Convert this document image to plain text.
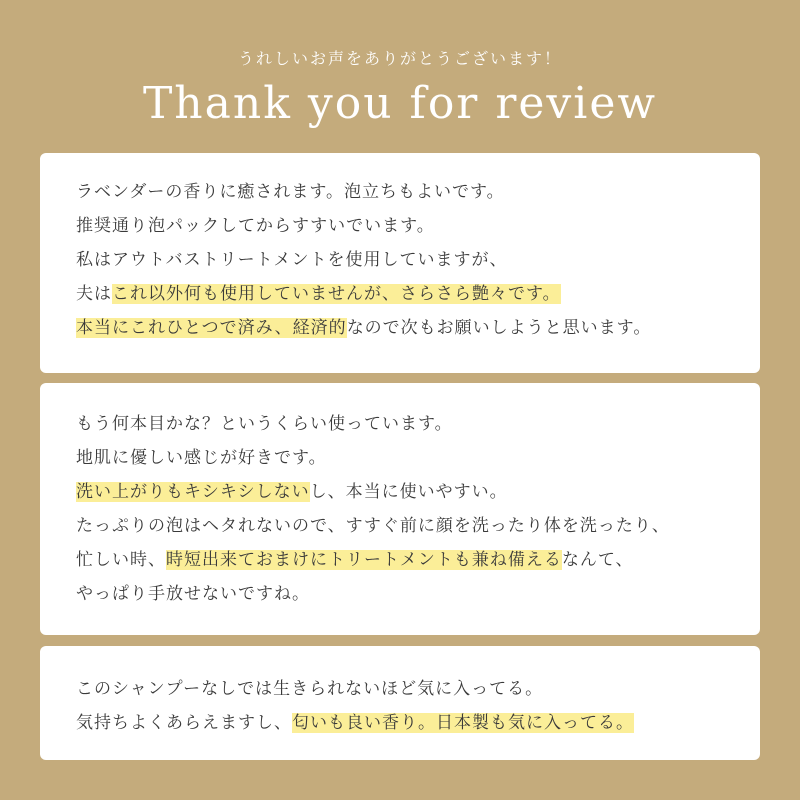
うれしいお声をありがとうございます！
Thank you for review
ラベンダーの香りに癒されます。泡立ちもよいです。
推奨通り泡パックしてからすすいでいます。
私はアウトバストリートメントを使用していますが、
夫はこれ以外何も使用していませんが、さらさら艶々です。
本当にこれひとつで済み、経済的なので次もお願いしようと思います。
もう何本目かな？というくらい使っています。
地肌に優しい感じが好きです。
洗い上がりもキシキシしないし、本当に使いやすい。
たっぷりの泡はヘタれないので、すすぐ前に顔を洗ったり体を洗ったり、
忙しい時、時短出来ておまけにトリートメントも兼ね備えるなんて、
やっぱり手放せないですね。
このシャンプーなしでは生きられないほど気に入ってる。
気持ちよくあらえますし、匂いも良い香り。日本製も気に入ってる。
